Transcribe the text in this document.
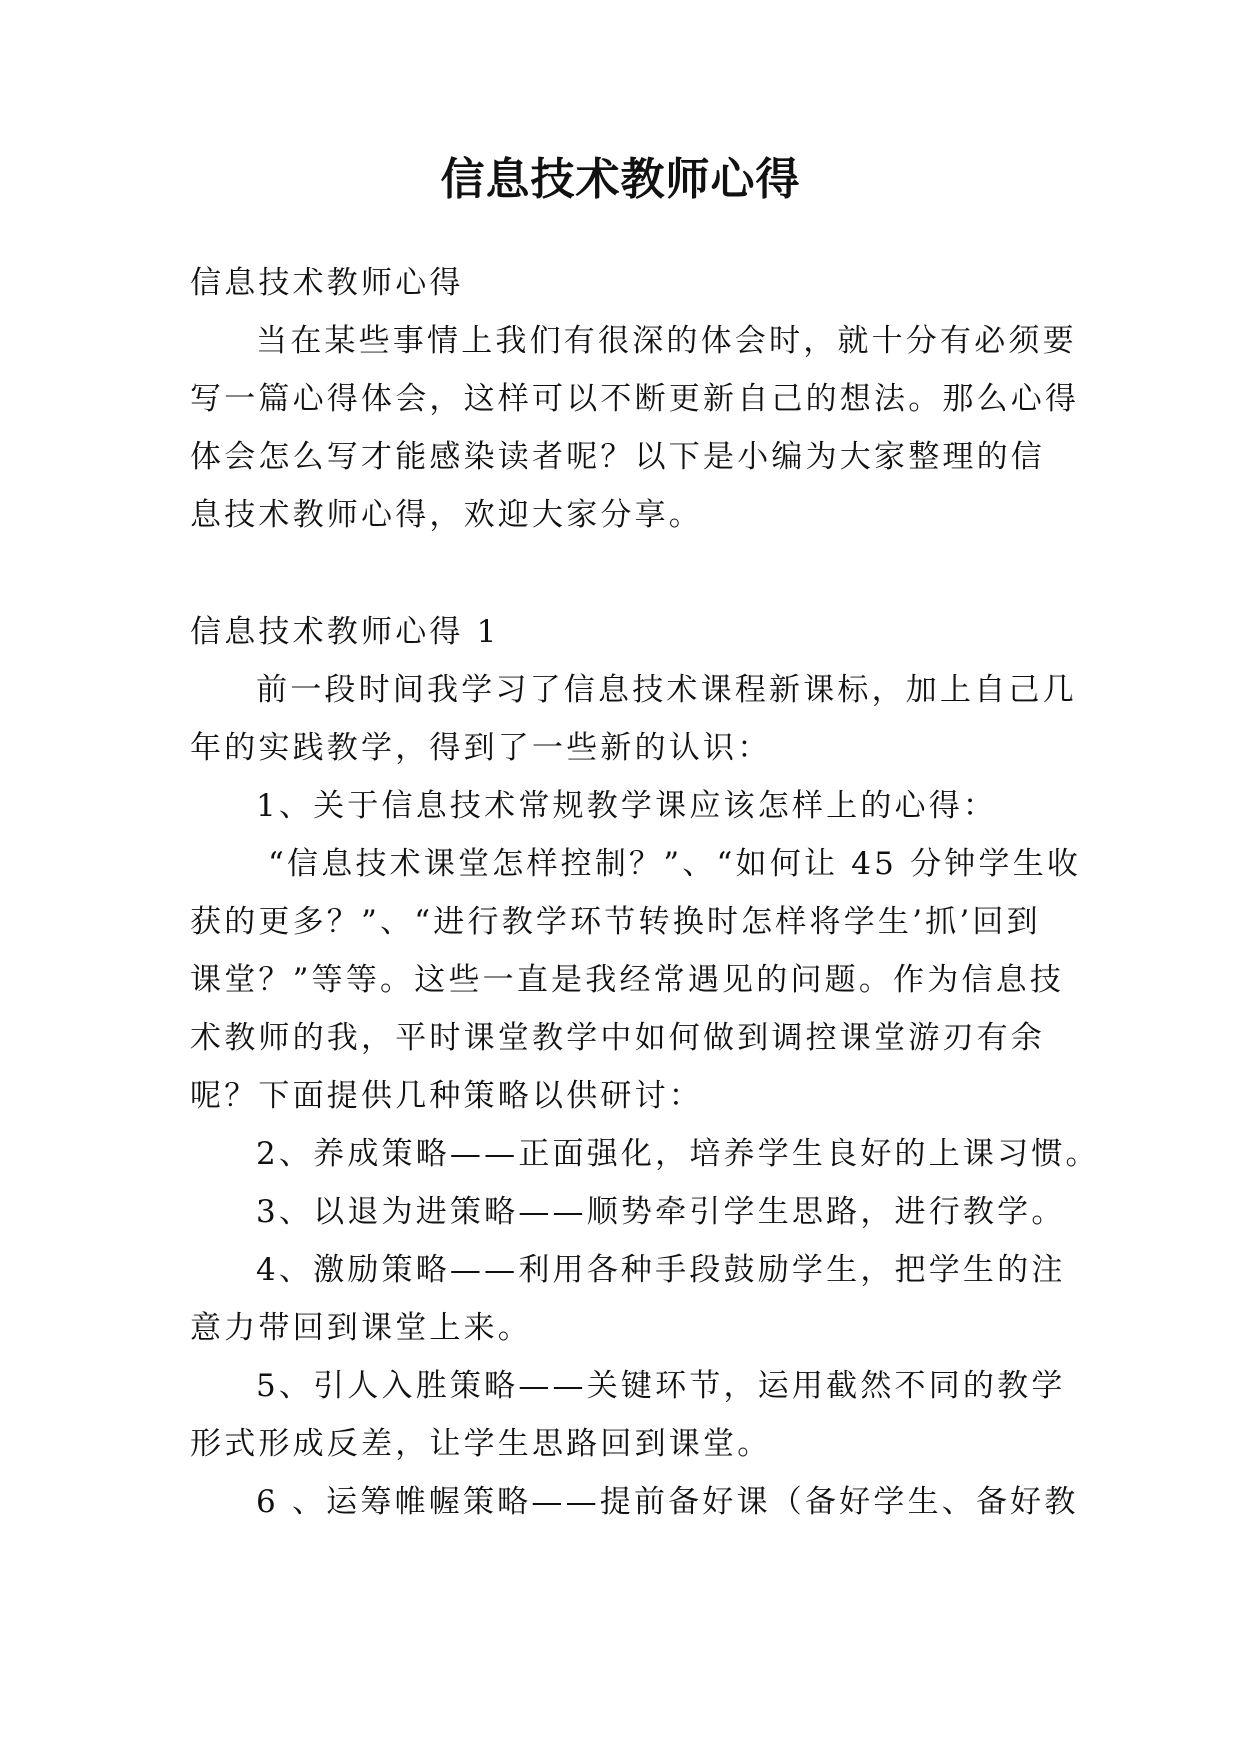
信息技术教师心得
信息技术教师心得
当在某些事情上我们有很深的体会时，就十分有必须要
写一篇心得体会，这样可以不断更新自己的想法。那么心得
体会怎么写才能感染读者呢？以下是小编为大家整理的信
息技术教师心得，欢迎大家分享。
信息技术教师心得 1
前一段时间我学习了信息技术课程新课标，加上自己几
年的实践教学，得到了一些新的认识：
1、关于信息技术常规教学课应该怎样上的心得：
“信息技术课堂怎样控制？”、“如何让 45 分钟学生收
获的更多？”、“进行教学环节转换时怎样将学生’抓’回到
课堂？”等等。这些一直是我经常遇见的问题。作为信息技
术教师的我，平时课堂教学中如何做到调控课堂游刃有余
呢？下面提供几种策略以供研讨：
2、养成策略——正面强化，培养学生良好的上课习惯。
3、以退为进策略——顺势牵引学生思路，进行教学。
4、激励策略——利用各种手段鼓励学生，把学生的注
意力带回到课堂上来。
5、引人入胜策略——关键环节，运用截然不同的教学
形式形成反差，让学生思路回到课堂。
6 、运筹帷幄策略——提前备好课（备好学生、备好教
